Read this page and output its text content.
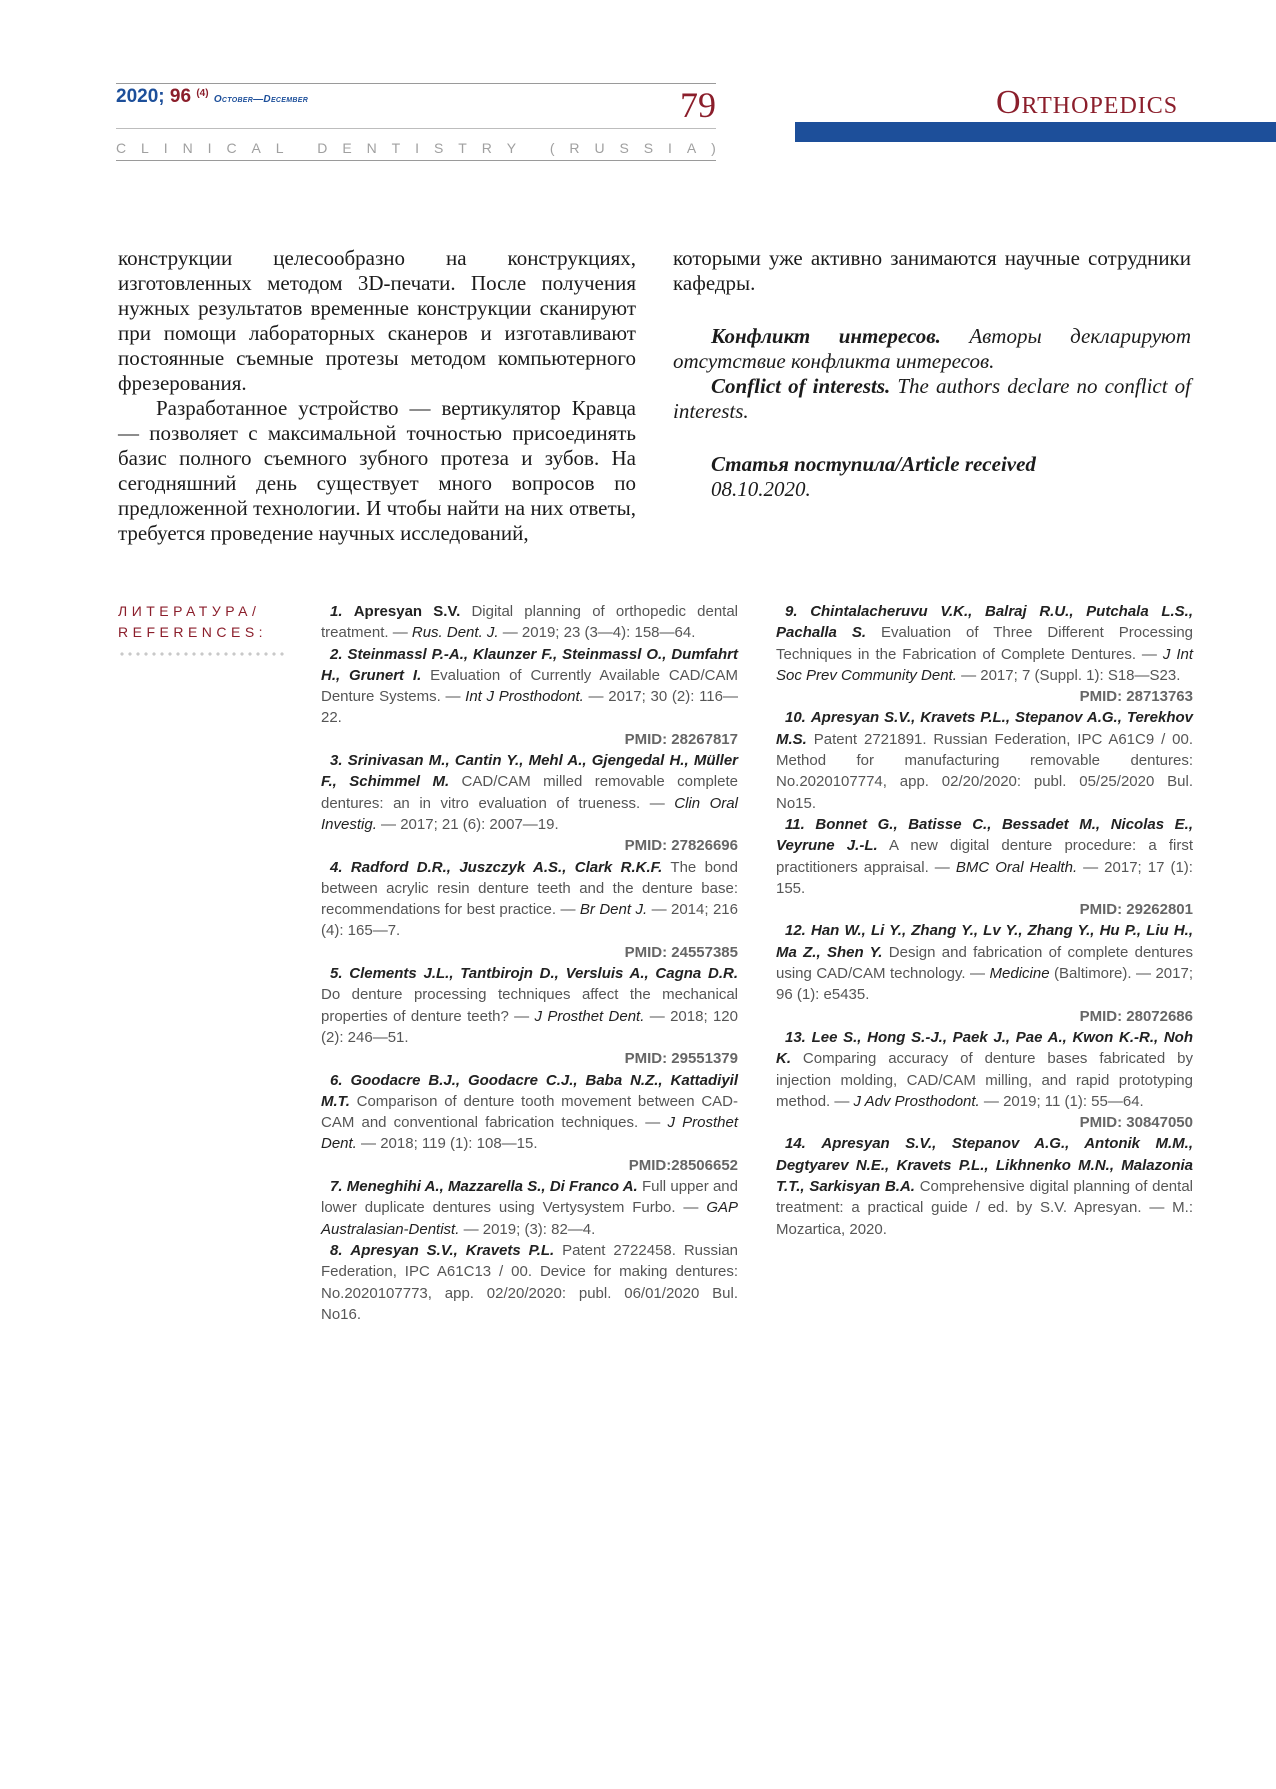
2020; 96 $^{(4)}$ October—December	79
C L I N I C A L
D E N T I S T R Y
( R U S S I A )
Orthopedics

конструкции целесообразно на конструкциях, изготовленных методом 3D-печати. После получения нужных результатов временные конструкции сканируют при помощи лабораторных сканеров и изготавливают постоянные съемные протезы методом компьютерного фрезерования.

Разработанное устройство — вертикулятор Кравца — позволяет с максимальной точностью присоединять базис полного съемного зубного протеза и зубов. На сегодняшний день существует много вопросов по предложенной технологии. И чтобы найти на них ответы, требуется проведение научных исследований,

которыми уже активно занимаются научные сотрудники кафедры.

Конфликт интересов. Авторы декларируют отсутствие конфликта интересов.

Conflict of interests. The authors declare no conflict of interests.

Статья поступила/Article received

08.10.2020.

ЛИТЕРАТУРА/
REFERENCES:

1. Apresyan S.V. Digital planning of orthopedic dental treatment. — Rus. Dent. J. — 2019; 23 (3—4): 158—64.

2. Steinmassl P.-A., Klaunzer F., Steinmassl O., Dumfahrt H., Grunert I. Evaluation of Currently Available CAD/CAM Denture Systems. — Int J Prosthodont. — 2017; 30 (2): 116—22.
PMID: 28267817

3. Srinivasan M., Cantin Y., Mehl A., Gjengedal H., Müller F., Schimmel M. CAD/CAM milled removable complete dentures: an in vitro evaluation of trueness. — Clin Oral Investig. — 2017; 21 (6): 2007—19.
PMID: 27826696

4. Radford D.R., Juszczyk A.S., Clark R.K.F. The bond between acrylic resin denture teeth and the denture base: recommendations for best practice. — Br Dent J. — 2014; 216 (4): 165—7.
PMID: 24557385

5. Clements J.L., Tantbirojn D., Versluis A., Cagna D.R. Do denture processing techniques affect the mechanical properties of denture teeth? — J Prosthet Dent. — 2018; 120 (2): 246—51.
PMID: 29551379

6. Goodacre B.J., Goodacre C.J., Baba N.Z., Kattadiyil M.T. Comparison of denture tooth movement between CAD-CAM and conventional fabrication techniques. — J Prosthet Dent. — 2018; 119 (1): 108—15.
PMID:28506652

7. Meneghihi A., Mazzarella S., Di Franco A. Full upper and lower duplicate dentures using Vertysystem Furbo. — GAP Australasian-Dentist. — 2019; (3): 82—4.

8. Apresyan S.V., Kravets P.L. Patent 2722458. Russian Federation, IPC A61C13 / 00. Device for making dentures: No.2020107773, app. 02/20/2020: publ. 06/01/2020 Bul. No16.

9. Chintalacheruvu V.K., Balraj R.U., Putchala L.S., Pachalla S. Evaluation of Three Different Processing Techniques in the Fabrication of Complete Dentures. — J Int Soc Prev Community Dent. — 2017; 7 (Suppl. 1): S18—S23.
PMID: 28713763

10. Apresyan S.V., Kravets P.L., Stepanov A.G., Terekhov M.S. Patent 2721891. Russian Federation, IPC A61C9 / 00. Method for manufacturing removable dentures: No.2020107774, app. 02/20/2020: publ. 05/25/2020 Bul. No15.

11. Bonnet G., Batisse C., Bessadet M., Nicolas E., Veyrune J.-L. A new digital denture procedure: a first practitioners appraisal. — BMC Oral Health. — 2017; 17 (1): 155.
PMID: 29262801

12. Han W., Li Y., Zhang Y., Lv Y., Zhang Y., Hu P., Liu H., Ma Z., Shen Y. Design and fabrication of complete dentures using CAD/CAM technology. — Medicine (Baltimore). — 2017; 96 (1): e5435.
PMID: 28072686

13. Lee S., Hong S.-J., Paek J., Pae A., Kwon K.-R., Noh K. Comparing accuracy of denture bases fabricated by injection molding, CAD/CAM milling, and rapid prototyping method. — J Adv Prosthodont. — 2019; 11 (1): 55—64.
PMID: 30847050

14. Apresyan S.V., Stepanov A.G., Antonik M.M., Degtyarev N.E., Kravets P.L., Likhnenko M.N., Malazonia T.T., Sarkisyan B.A. Comprehensive digital planning of dental treatment: a practical guide / ed. by S.V. Apresyan. — M.: Mozartica, 2020.
